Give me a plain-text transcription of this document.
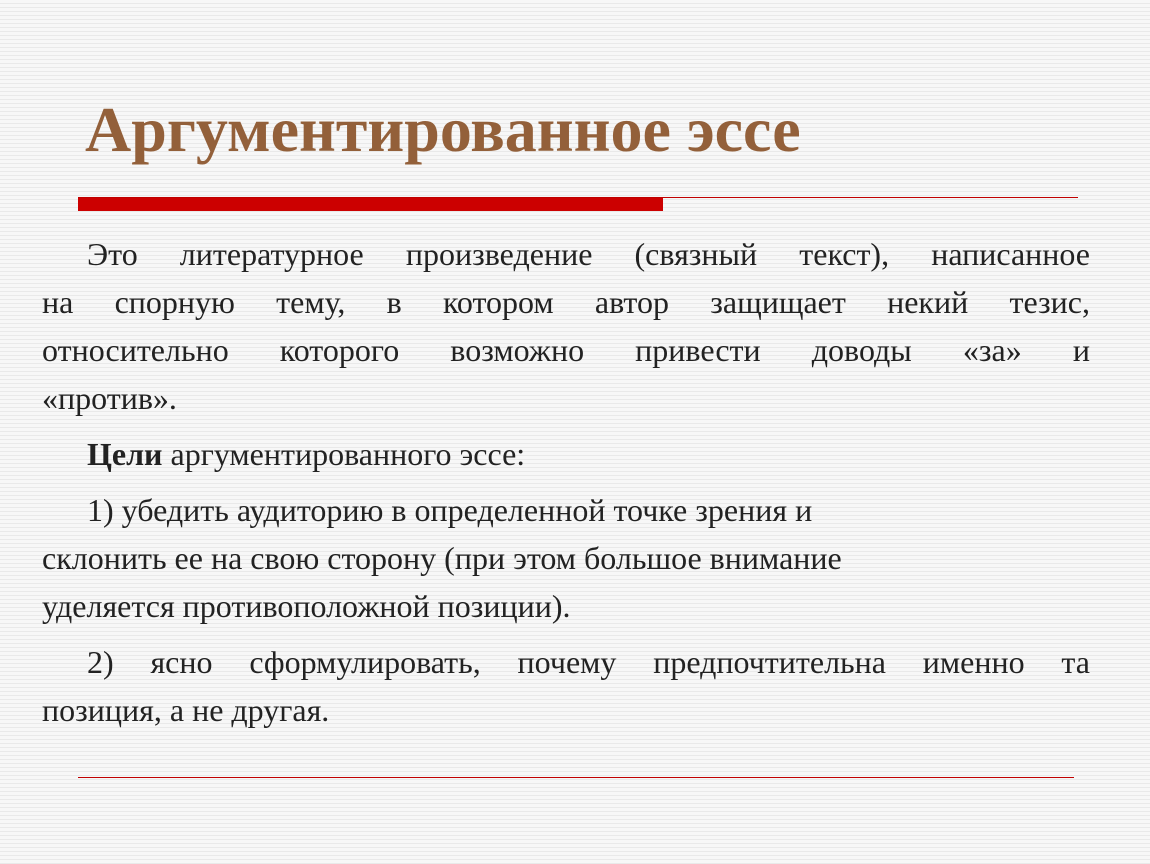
Аргументированное эссе

Это литературное произведение (связный текст), написанное
на спорную тему, в котором автор защищает некий тезис,
относительно которого возможно привести доводы «за» и
«против».

Цели аргументированного эссе:

1) убедить аудиторию в определенной точке зрения и
склонить ее на свою сторону (при этом большое внимание
уделяется противоположной позиции).

2) ясно сформулировать, почему предпочтительна именно та
позиция, а не другая.
